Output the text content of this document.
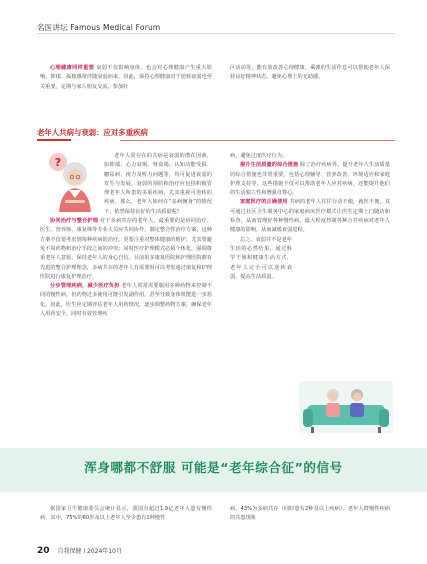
名医讲坛 Famous Medical Forum

心理健康同样重要 衰弱不仅影响身体，也会对心理健康产生重大影响。抑郁、孤独感常伴随衰弱而来，因此，保持心理健康对于逆转衰弱也至关重要。定期与家人朋友交流、参加社

区活动等，能有效改善心理健康。乘弹的生活作息可以帮助老年人保持良好精神状态，避免心理上的无助感。

老年人共病与衰弱：应对多重疾病
?	老年人常存在的共病是衰弱的潜在因素，如抑郁、心力衰竭、肾衰竭、认知功能受损、糖尿病、视力及听力问题等，均可促进衰弱的发生与发展。衰弱的预防和治疗应包括积极管理老年人所患的多重疾病，尤其重视可逆转的疾病。那么，老年人如何在“多病缠身”的情况下，依然保持良好的生活质量呢？

协同治疗与整合护理 对于多病共存的老年人，最重要的是协同治疗。医生、营养师、康复师等专业人员应共同协作，制定整合性治疗方案。这种方案不仅要考虑到每种疾病的治疗，更要注重对整体健康的维护，尤其要避免不同药物和治疗手段之间的冲突；同时医疗护理模式必须个体化，强调尊重老年人意愿、保持老年人的身心自信。目前很多康复医院和护理医院都有先进的整合护理理念，多病共存的老年人有需要时可以考虑通过康复和护理医院进行康复护理治疗。

分步管理疾病，减少医疗负担 老年人常常需要服用多种药物来控制不同的慢性病，但药物过多使用可能引发副作用，甚至导致身体机能进一步恶化。因此，医生应定期评估老年人用药情况，逐步调整药物方案，确保老年人用药安全，同时有效管理疾

病，避免过度医疗行为。

提升生活质量的综合措施 除了治疗疾病外，提升老年人生活质量的综合措施也非常重要，包括心理辅导、营养改善、环境适应和家庭护理支持等。这些措施不仅可以帮助老年人应对疾病，还能提升他们的生活独立性和增强自尊心。

家庭医疗的正确使用 共病的老年人往往行动不便，就医不便，其可通过社区卫生服务中心的家庭病床医疗模式让医生定期上门随访和检查，从而管理好各种慢性病。最大程度控制各种合并疾病对老年人健康的影响，从而减缓衰弱进程。

总之，衰弱并不是老年生活的必然结果，通过科学干预和健康生活方式，老年人完全可以逆转衰弱，提高生活质量。

浑身哪都不舒服 可能是“老年综合征”的信号

据国家卫生健康委员会统计显示，我国有超过1.9亿老年人患有慢性病，其中，75%的60岁及以上老年人至少患有1种慢性

病，43%为多病共存（同时患有2种及以上疾病）。老年人群慢性疾病的共患现象

20 自我保健 I 2024年10月
